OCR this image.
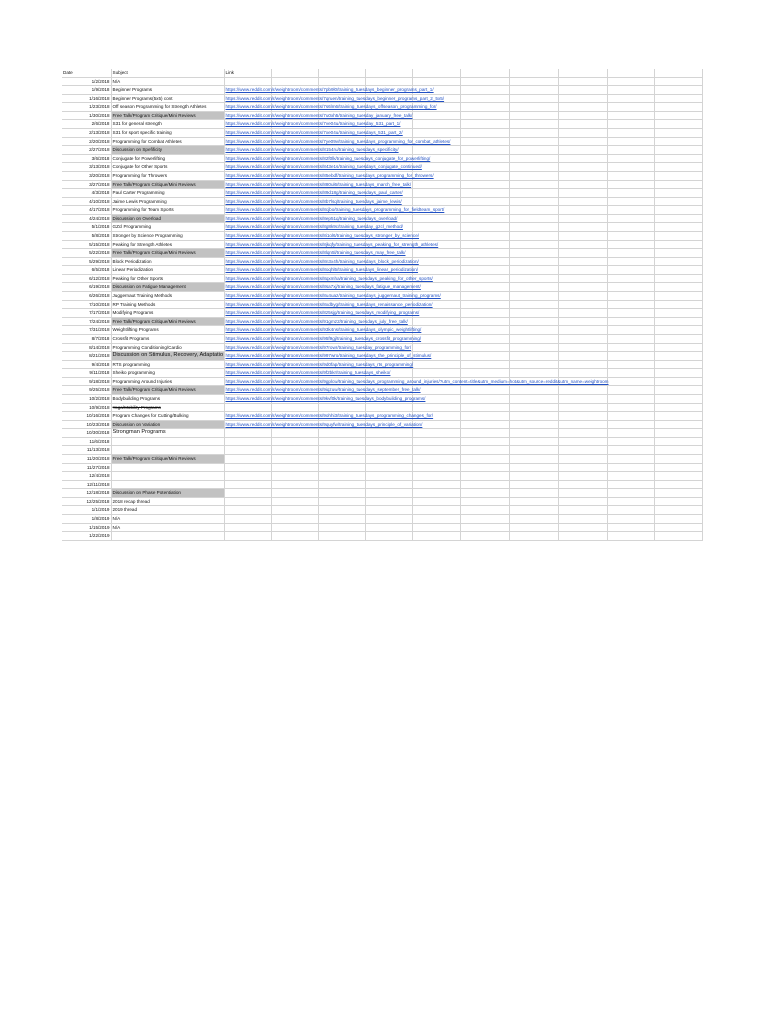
Date	Subject	Link									
1/2/2018	N/A										
1/9/2018	Beginner Programs	https://www.reddit.com/r/weightroom/comments/7pb9l0/training_tuesdays_beginner_programs_part_1/									
1/16/2018	Beginner Programs(5x5) cont	https://www.reddit.com/r/weightroom/comments/7qruen/training_tuesdays_beginner_programs_part_2_5x5/									
1/23/2018	Off season Programming for Strength Athletes	https://www.reddit.com/r/weightroom/comments/7s6lm6/training_tuesdays_offseason_programming_for/									
1/30/2018	Free Talk/Program Critique/Mini Reviews	https://www.reddit.com/r/weightroom/comments/7u0xh5/training_tuesday_january_free_talk/									
2/6/2018	S31 for general strength	https://www.reddit.com/r/weightroom/comments/7ve04u/training_tuesday_531_part_1/									
2/13/2018	S31 for sport specific training	https://www.reddit.com/r/weightroom/comments/7xe04u/training_tuesdays_531_part_2/									
2/20/2018	Programming for Combat Athletes	https://www.reddit.com/r/weightroom/comments/7ye09v/training_tuesdays_programming_for_combat_athletes/									
2/27/2018	Discussion on Spefificity	https://www.reddit.com/r/weightroom/comments/8154ru/training_tuesdays_specificity/									
3/6/2018	Conjugate for Powerlifting	https://www.reddit.com/r/weightroom/comments/82f0lk/training_tuesdays_conjugate_for_powerlifting/									
3/13/2018	Conjugate for Other Sports	https://www.reddit.com/r/weightroom/comments/843e1s/training_tuesdays_conjugate_continued/									
3/20/2018	Programming for Throwers	https://www.reddit.com/r/weightroom/comments/85ebdf/training_tuesdays_programming_for_throwers/									
3/27/2018	Free Talk/Program Critique/Mini Reviews	https://www.reddit.com/r/weightroom/comments/880ul6/training_tuesdays_march_free_talk/									
4/3/2018	Paul Carter Programming	https://www.reddit.com/r/weightroom/comments/89d18g/training_tuesdays_paul_carter/									
4/10/2018	Jaime Lewis Programming	https://www.reddit.com/r/weightroom/comments/8b7lsq/training_tuesdays_jaime_lewis/									
4/17/2018	Programming for Team Sports	https://www.reddit.com/r/weightroom/comments/8cjbo/training_tuesdays_programming_for_fieldteam_sport/									
4/24/2018	Discussion on Overload	https://www.reddit.com/r/weightroom/comments/8ep51q/training_tuesdays_overload/									
5/1/2018	GZcl Programming	https://www.reddit.com/r/weightroom/comments/8g8k9c/training_tuesday_gzcl_method/									
5/8/2018	Stronger by Science Programming	https://www.reddit.com/r/weightroom/comments/8i1ol6/training_tuesdays_stronger_by_science/									
5/15/2018	Peaking for Strength Athletes	https://www.reddit.com/r/weightroom/comments/8jkqfy/training_tuesdays_peaking_for_strength_athletes/									
5/22/2018	Free Talk/Program Critique/Mini Reviews	https://www.reddit.com/r/weightroom/comments/8lqn5l/training_tuesdays_may_free_talk/									
5/29/2018	Block Periodization	https://www.reddit.com/r/weightroom/comments/8n3x4h/training_tuesdays_block_periodization/									
6/5/2018	Linear Periodization	https://www.reddit.com/r/weightroom/comments/8oqhl5/training_tuesdays_linear_periodization/									
6/12/2018	Peaking for Other Sports	https://www.reddit.com/r/weightroom/comments/8qxmha/training_tuesdays_peaking_for_other_sports/									
6/19/2018	Discussion on Fatigue Management	https://www.reddit.com/r/weightroom/comments/8sa7xj/training_tuesdays_fatigue_management/									
6/26/2018	Juggernaut Training Methods	https://www.reddit.com/r/weightroom/comments/8u4uaz/training_tuesdays_juggernaut_training_programs/									
7/10/2018	RP Training Methods	https://www.reddit.com/r/weightroom/comments/8xdbyg/training_tuesdays_renaissance_periodization/									
7/17/2018	Modifying Programs	https://www.reddit.com/r/weightroom/comments/8z5sjg/training_tuesdays_modifying_programs/									
7/24/2018	Free Talk/Program Critique/Mini Reviews	https://www.reddit.com/r/weightroom/comments/91gmz2/training_tuesdays_july_free_talk/									
7/31/2018	Weightlifting Programs	https://www.reddit.com/r/weightroom/comments/93k4ns/training_tuesdays_olympic_weightlifting/									
8/7/2018	Crossfit Programs	https://www.reddit.com/r/weightroom/comments/95f9gj/training_tuesdays_crossfit_programming/									
8/14/2018	Programming Conditioning/Cardio	https://www.reddit.com/r/weightroom/comments/97rowr/training_tuesday_programming_for/									
8/21/2018	Discussion on Stimulus, Recovery, Adaptatio	https://www.reddit.com/r/weightroom/comments/997wro/training_tuesdays_the_principle_of_stimulus/									
9/4/2018	RTS programming	https://www.reddit.com/r/weightroom/comments/9d0fap/training_tuesdays_rts_programming/									
9/11/2018	Sheiko programming	https://www.reddit.com/r/weightroom/comments/9f2bkr/training_tuesdays_sheiko/									
9/18/2018	Programming Around Injuries	https://www.reddit.com/r/weightroom/comments/9gplcw/training_tuesdays_programming_around_injuries/?utm_content=title&utm_medium=hot&utm_source=reddit&utm_name=weightroom									
9/25/2018	Free Talk/Program Critique/Mini Reviews	https://www.reddit.com/r/weightroom/comments/9iqzuw/training_tuesdays_september_free_talk/									
10/2/2018	Bodybuilding Programs	https://www.reddit.com/r/weightroom/comments/9kvf0k/training_tuesdays_bodybuilding_programs/									
10/9/2018	Yoga/Mobility Programs										
10/16/2018	Program Changes for Cutting/Bulking	https://www.reddit.com/r/weightroom/comments/9ohhi3/training_tuesdays_programming_changes_for/									
10/23/2018	Discussion on Variation	https://www.reddit.com/r/weightroom/comments/9quyfw/training_tuesdays_principle_of_variation/									
10/30/2018	Strongman Programs										
11/6/2018											
11/13/2018											
11/20/2018	Free Talk/Program Critique/Mini Reviews										
11/27/2018											
12/4/2018											
12/11/2018											
12/18/2018	Discussion on Phase Potentiation										
12/25/2018	2018 recap thread										
1/1/2019	2019 thread										
1/8/2019	N/A										
1/15/2019	N/A										
1/22/2019											
